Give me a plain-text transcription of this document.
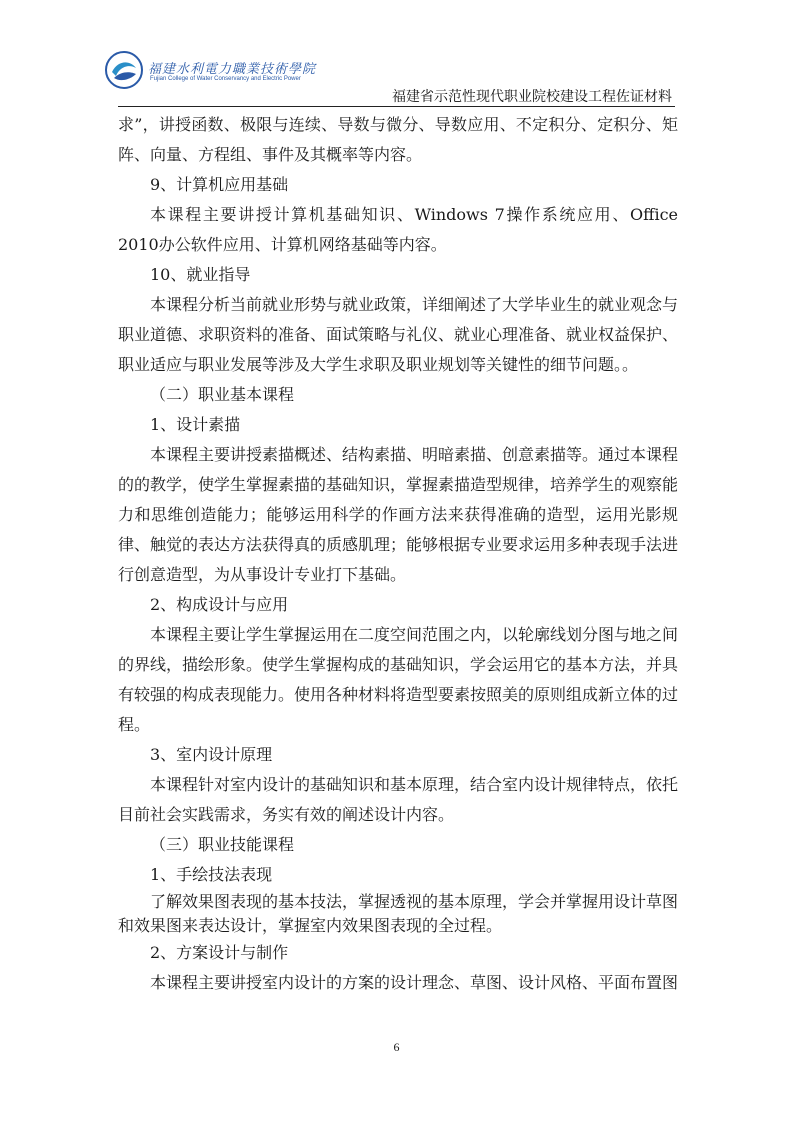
福建水利電力職業技術學院
Fujian College of Water Conservancy and Electric Power
福建省示范性现代职业院校建设工程佐证材料

求”，讲授函数、极限与连续、导数与微分、导数应用、不定积分、定积分、矩阵、向量、方程组、事件及其概率等内容。

9、计算机应用基础

本课程主要讲授计算机基础知识、Windows 7操作系统应用、Office 2010办公软件应用、计算机网络基础等内容。

10、就业指导

本课程分析当前就业形势与就业政策，详细阐述了大学毕业生的就业观念与职业道德、求职资料的准备、面试策略与礼仪、就业心理准备、就业权益保护、职业适应与职业发展等涉及大学生求职及职业规划等关键性的细节问题。。

（二）职业基本课程

1、设计素描

本课程主要讲授素描概述、结构素描、明暗素描、创意素描等。通过本课程的的教学，使学生掌握素描的基础知识，掌握素描造型规律，培养学生的观察能力和思维创造能力；能够运用科学的作画方法来获得准确的造型，运用光影规律、触觉的表达方法获得真的质感肌理；能够根据专业要求运用多种表现手法进行创意造型，为从事设计专业打下基础。

2、构成设计与应用

本课程主要让学生掌握运用在二度空间范围之内，以轮廓线划分图与地之间的界线，描绘形象。使学生掌握构成的基础知识，学会运用它的基本方法，并具有较强的构成表现能力。使用各种材料将造型要素按照美的原则组成新立体的过程。

3、室内设计原理

本课程针对室内设计的基础知识和基本原理，结合室内设计规律特点，依托目前社会实践需求，务实有效的阐述设计内容。

（三）职业技能课程

1、手绘技法表现

了解效果图表现的基本技法，掌握透视的基本原理，学会并掌握用设计草图和效果图来表达设计，掌握室内效果图表现的全过程。

2、方案设计与制作

本课程主要讲授室内设计的方案的设计理念、草图、设计风格、平面布置图

6
